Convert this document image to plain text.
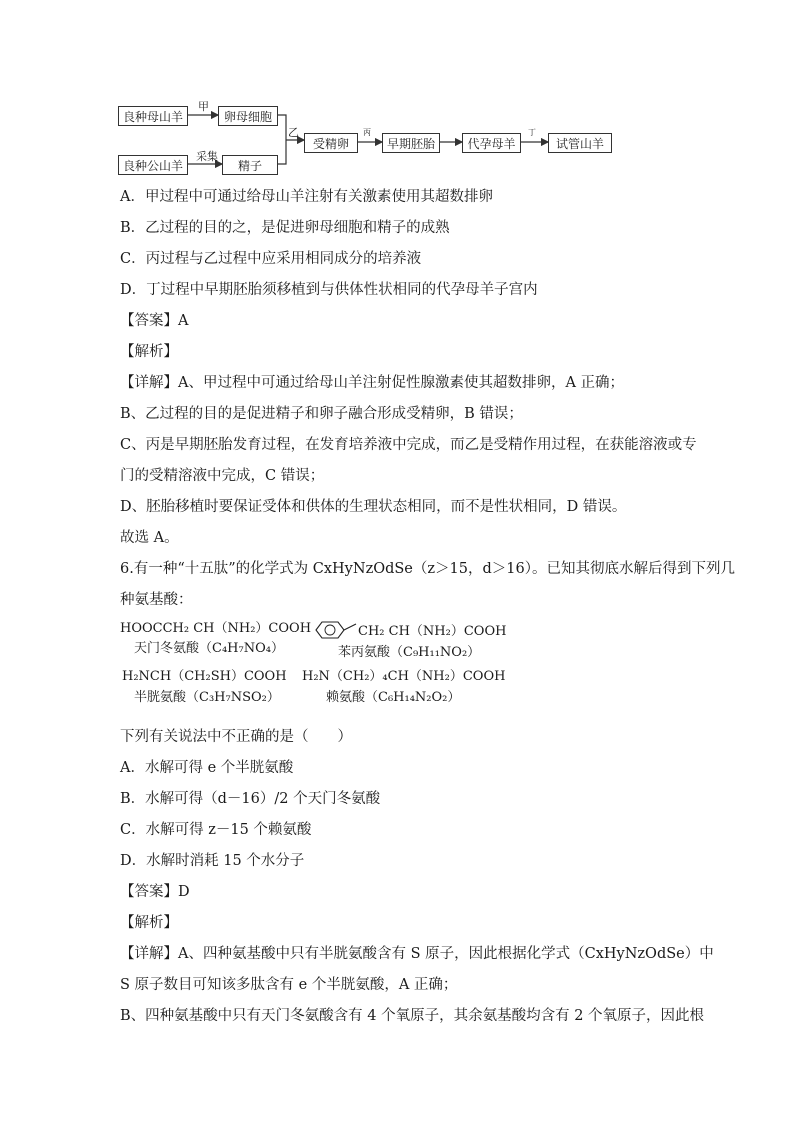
良种母山羊	卵母细胞
良种公山羊	精子
受精卵	早期胚胎	代孕母羊	试管山羊
甲
乙
采集
丙	丁
A．甲过程中可通过给母山羊注射有关激素使用其超数排卵
B．乙过程的目的之，是促进卵母细胞和精子的成熟
C．丙过程与乙过程中应采用相同成分的培养液
D．丁过程中早期胚胎须移植到与供体性状相同的代孕母羊子宫内
【答案】A
【解析】
【详解】A、甲过程中可通过给母山羊注射促性腺激素使其超数排卵，A 正确；
B、乙过程的目的是促进精子和卵子融合形成受精卵，B 错误；
C、丙是早期胚胎发育过程，在发育培养液中完成，而乙是受精作用过程，在获能溶液或专
门的受精溶液中完成，C 错误；
D、胚胎移植时要保证受体和供体的生理状态相同，而不是性状相同，D 错误。
故选 A。
6.有一种“十五肽”的化学式为 CxHyNzOdSe（z＞15，d＞16）。已知其彻底水解后得到下列几
种氨基酸：
HOOCCH₂ CH（NH₂）COOH
天门冬氨酸（C₄H₇NO₄）
CH₂ CH（NH₂）COOH
苯丙氨酸（C₉H₁₁NO₂）
H₂NCH（CH₂SH）COOH
半胱氨酸（C₃H₇NSO₂）
H₂N（CH₂）₄CH（NH₂）COOH
赖氨酸（C₆H₁₄N₂O₂）
下列有关说法中不正确的是（　　）
A．水解可得 e 个半胱氨酸
B．水解可得（d－16）/2 个天门冬氨酸
C．水解可得 z－15 个赖氨酸
D．水解时消耗 15 个水分子
【答案】D
【解析】
【详解】A、四种氨基酸中只有半胱氨酸含有 S 原子，因此根据化学式（CxHyNzOdSe）中
S 原子数目可知该多肽含有 e 个半胱氨酸，A 正确；
B、四种氨基酸中只有天门冬氨酸含有 4 个氧原子，其余氨基酸均含有 2 个氧原子，因此根
